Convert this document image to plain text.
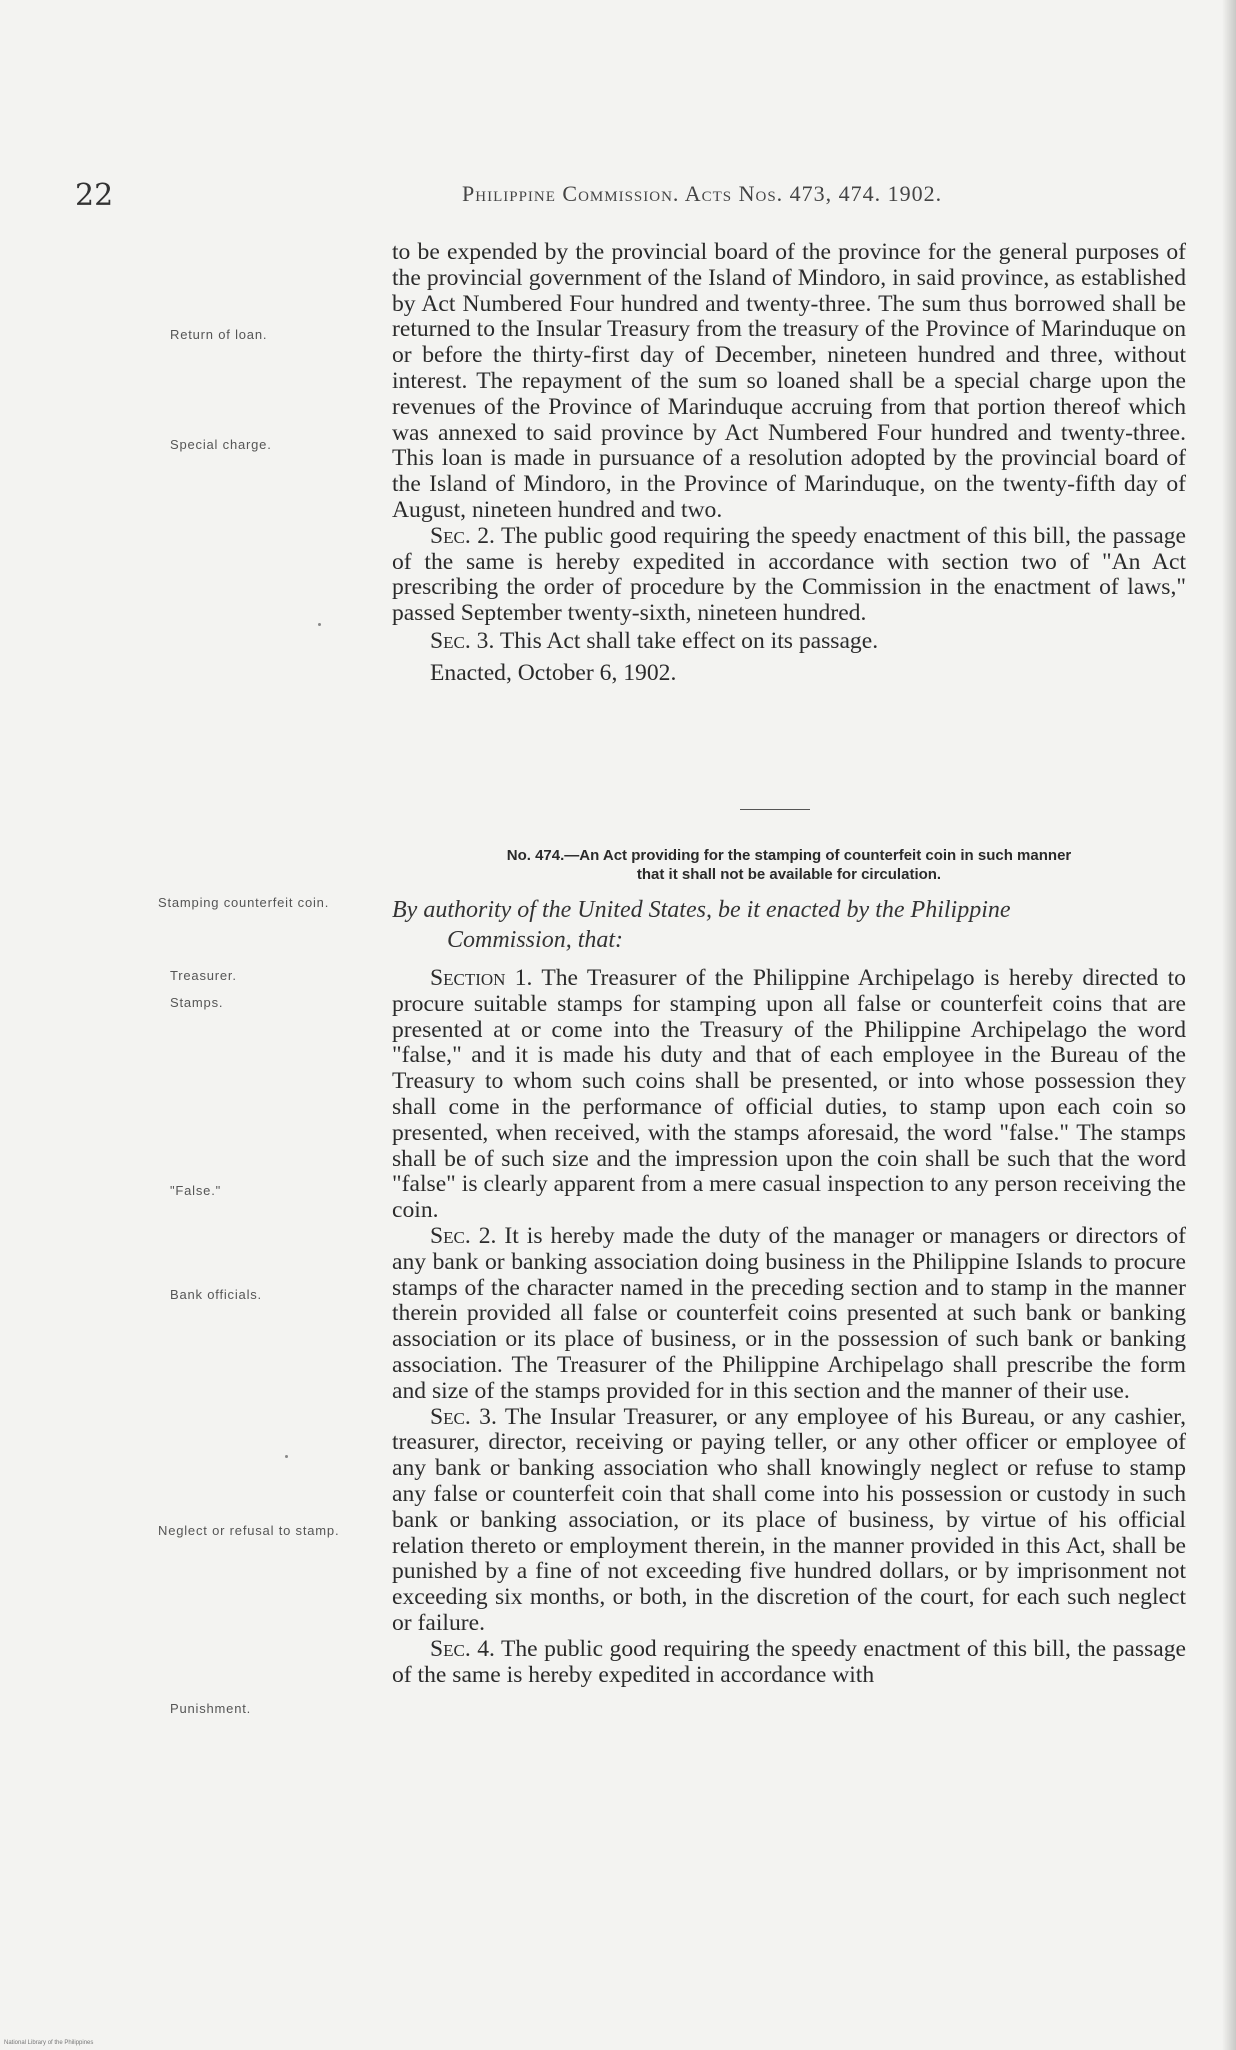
22	Philippine Commission. Acts Nos. 473, 474. 1902.

to be expended by the provincial board of the province for the general purposes of the provincial government of the Island of Mindoro, in said province, as established by Act Numbered Four hundred and twenty-three. The sum thus borrowed shall be returned to the Insular Treasury from the treasury of the Province of Marinduque on or before the thirty-first day of December, nineteen hundred and three, without interest. The repayment of the sum so loaned shall be a special charge upon the revenues of the Province of Marinduque accruing from that portion thereof which was annexed to said province by Act Numbered Four hundred and twenty-three. This loan is made in pursuance of a resolution adopted by the provincial board of the Island of Mindoro, in the Province of Marinduque, on the twenty-fifth day of August, nineteen hundred and two.

Sec. 2. The public good requiring the speedy enactment of this bill, the passage of the same is hereby expedited in accordance with section two of "An Act prescribing the order of procedure by the Commission in the enactment of laws," passed September twenty-sixth, nineteen hundred.

Sec. 3. This Act shall take effect on its passage.

Enacted, October 6, 1902.

No. 474.—An Act providing for the stamping of counterfeit coin in such manner
that it shall not be available for circulation.
By authority of the United States, be it enacted by the Philippine
Commission, that:

Section 1. The Treasurer of the Philippine Archipelago is hereby directed to procure suitable stamps for stamping upon all false or counterfeit coins that are presented at or come into the Treasury of the Philippine Archipelago the word "false," and it is made his duty and that of each employee in the Bureau of the Treasury to whom such coins shall be presented, or into whose possession they shall come in the performance of official duties, to stamp upon each coin so presented, when received, with the stamps aforesaid, the word "false." The stamps shall be of such size and the impression upon the coin shall be such that the word "false" is clearly apparent from a mere casual inspection to any person receiving the coin.

Sec. 2. It is hereby made the duty of the manager or managers or directors of any bank or banking association doing business in the Philippine Islands to procure stamps of the character named in the preceding section and to stamp in the manner therein provided all false or counterfeit coins presented at such bank or banking association or its place of business, or in the possession of such bank or banking association. The Treasurer of the Philippine Archipelago shall prescribe the form and size of the stamps provided for in this section and the manner of their use.

Sec. 3. The Insular Treasurer, or any employee of his Bureau, or any cashier, treasurer, director, receiving or paying teller, or any other officer or employee of any bank or banking association who shall knowingly neglect or refuse to stamp any false or counterfeit coin that shall come into his possession or custody in such bank or banking association, or its place of business, by virtue of his official relation thereto or employment therein, in the manner provided in this Act, shall be punished by a fine of not exceeding five hundred dollars, or by imprisonment not exceeding six months, or both, in the discretion of the court, for each such neglect or failure.

Sec. 4. The public good requiring the speedy enactment of this bill, the passage of the same is hereby expedited in accordance with

Return of loan.
Special charge.
Stamping counterfeit coin.
Treasurer.
Stamps.
"False."
Bank officials.
Neglect or refusal to stamp.
Punishment.
National Library of the Philippines
